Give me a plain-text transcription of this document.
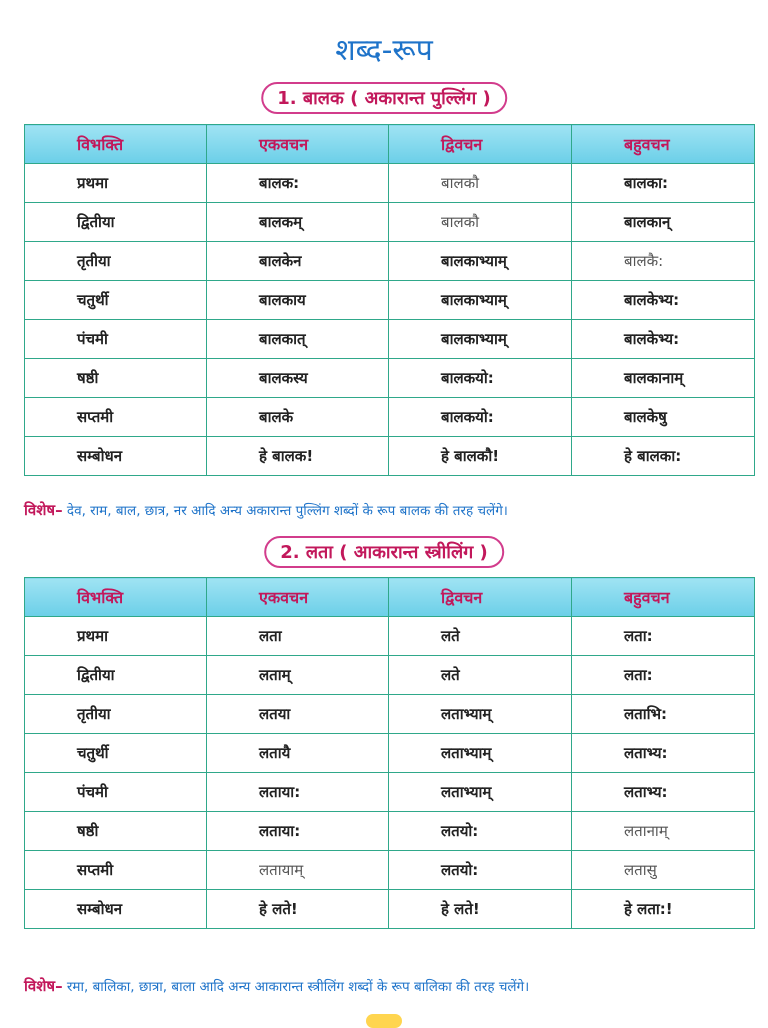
शब्द-रूप
1. बालक ( अकारान्त पुल्लिंग )
विभक्ति	एकवचन	द्विवचन	बहुवचन
प्रथमा	बालक:	बालकौ	बालका:
द्वितीया	बालकम्	बालकौ	बालकान्
तृतीया	बालकेन	बालकाभ्याम्	बालकै:
चतुर्थी	बालकाय	बालकाभ्याम्	बालकेभ्य:
पंचमी	बालकात्	बालकाभ्याम्	बालकेभ्य:
षष्ठी	बालकस्य	बालकयो:	बालकानाम्
सप्तमी	बालके	बालकयो:	बालकेषु
सम्बोधन	हे बालक!	हे बालकौ!	हे बालका:
विशेष– देव, राम, बाल, छात्र, नर आदि अन्य अकारान्त पुल्लिंग शब्दों के रूप बालक की तरह चलेंगे।
2. लता ( आकारान्त स्त्रीलिंग )
विभक्ति	एकवचन	द्विवचन	बहुवचन
प्रथमा	लता	लते	लता:
द्वितीया	लताम्	लते	लता:
तृतीया	लतया	लताभ्याम्	लताभि:
चतुर्थी	लतायै	लताभ्याम्	लताभ्य:
पंचमी	लताया:	लताभ्याम्	लताभ्य:
षष्ठी	लताया:	लतयो:	लतानाम्
सप्तमी	लतायाम्	लतयो:	लतासु
सम्बोधन	हे लते!	हे लते!	हे लता:!
विशेष– रमा, बालिका, छात्रा, बाला आदि अन्य आकारान्त स्त्रीलिंग शब्दों के रूप बालिका की तरह चलेंगे।
